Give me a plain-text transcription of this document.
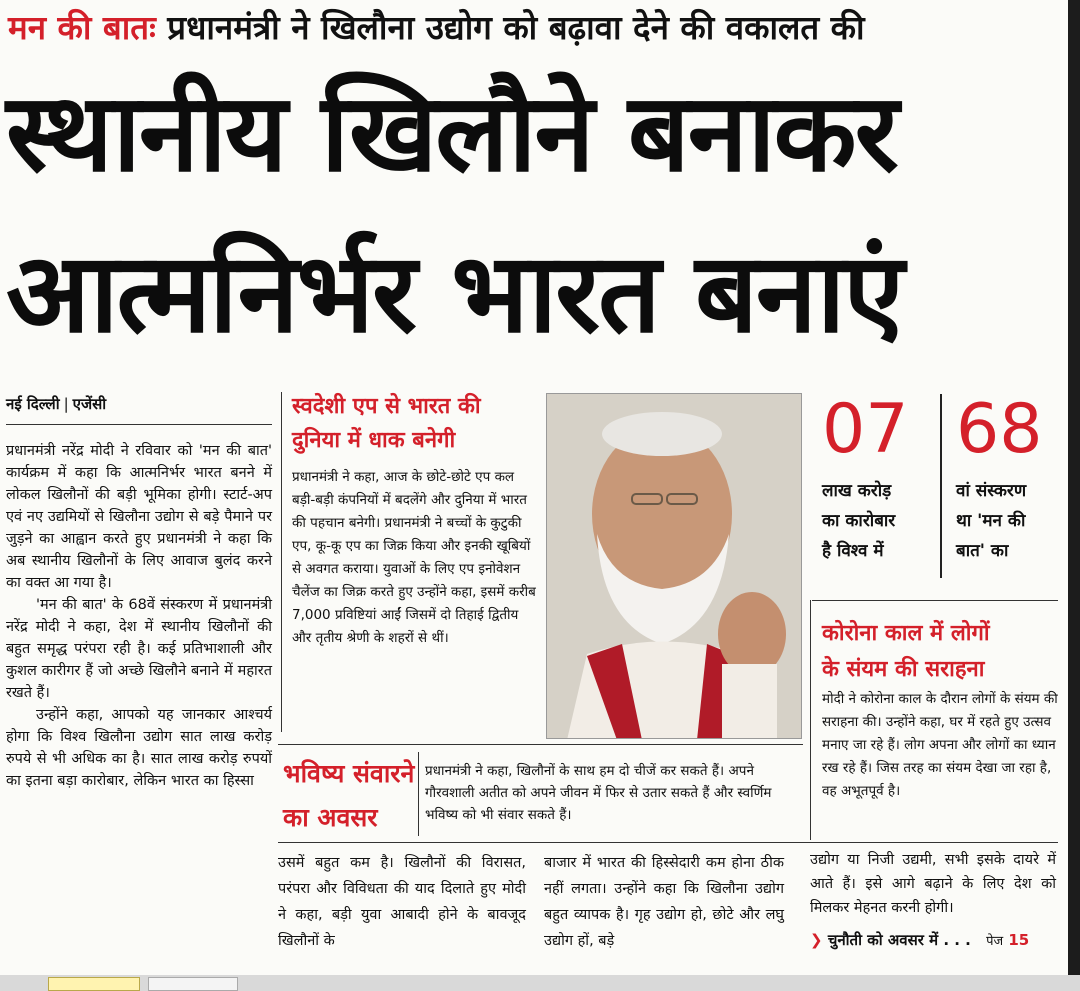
मन की बातः प्रधानमंत्री ने खिलौना उद्योग को बढ़ावा देने की वकालत की
स्थानीय खिलौने बनाकर
आत्मनिर्भर भारत बनाएं
नई दिल्ली | एजेंसी

प्रधानमंत्री नरेंद्र मोदी ने रविवार को 'मन की बात' कार्यक्रम में कहा कि आत्मनिर्भर भारत बनने में लोकल खिलौनों की बड़ी भूमिका होगी। स्टार्ट-अप एवं नए उद्यमियों से खिलौना उद्योग से बड़े पैमाने पर जुड़ने का आह्वान करते हुए प्रधानमंत्री ने कहा कि अब स्थानीय खिलौनों के लिए आवाज बुलंद करने का वक्त आ गया है।

'मन की बात' के 68वें संस्करण में प्रधानमंत्री नरेंद्र मोदी ने कहा, देश में स्थानीय खिलौनों की बहुत समृद्ध परंपरा रही है। कई प्रतिभाशाली और कुशल कारीगर हैं जो अच्छे खिलौने बनाने में महारत रखते हैं।

उन्होंने कहा, आपको यह जानकार आश्चर्य होगा कि विश्व खिलौना उद्योग सात लाख करोड़ रुपये से भी अधिक का है। सात लाख करोड़ रुपयों का इतना बड़ा कारोबार, लेकिन भारत का हिस्सा

स्वदेशी एप से भारत की
दुनिया में धाक बनेगी
प्रधानमंत्री ने कहा, आज के छोटे-छोटे एप कल बड़ी-बड़ी कंपनियों में बदलेंगे और दुनिया में भारत की पहचान बनेगी। प्रधानमंत्री ने बच्चों के कुटुकी एप, कू-कू एप का जिक्र किया और इनकी खूबियों से अवगत कराया। युवाओं के लिए एप इनोवेशन चैलेंज का जिक्र करते हुए उन्होंने कहा, इसमें करीब 7,000 प्रविष्टियां आईं जिसमें दो तिहाई द्वितीय और तृतीय श्रेणी के शहरों से थीं।
07
लाख करोड़
का कारोबार
है विश्व में
68
वां संस्करण
था 'मन की
बात' का
कोरोना काल में लोगों
के संयम की सराहना
मोदी ने कोरोना काल के दौरान लोगों के संयम की सराहना की। उन्होंने कहा, घर में रहते हुए उत्सव मनाए जा रहे हैं। लोग अपना और लोगों का ध्यान रख रहे हैं। जिस तरह का संयम देखा जा रहा है, वह अभूतपूर्व है।
भविष्य संवारने
का अवसर
प्रधानमंत्री ने कहा, खिलौनों के साथ हम दो चीजें कर सकते हैं। अपने गौरवशाली अतीत को अपने जीवन में फिर से उतार सकते हैं और स्वर्णिम भविष्य को भी संवार सकते हैं।
उसमें बहुत कम है। खिलौनों की विरासत, परंपरा और विविधता की याद दिलाते हुए मोदी ने कहा, बड़ी युवा आबादी होने के बावजूद खिलौनों के
बाजार में भारत की हिस्सेदारी कम होना ठीक नहीं लगता। उन्होंने कहा कि खिलौना उद्योग बहुत व्यापक है। गृह उद्योग हो, छोटे और लघु उद्योग हों, बड़े
उद्योग या निजी उद्यमी, सभी इसके दायरे में आते हैं। इसे आगे बढ़ाने के लिए देश को मिलकर मेहनत करनी होगी।
❯ चुनौती को अवसर में . . . पेज 15
